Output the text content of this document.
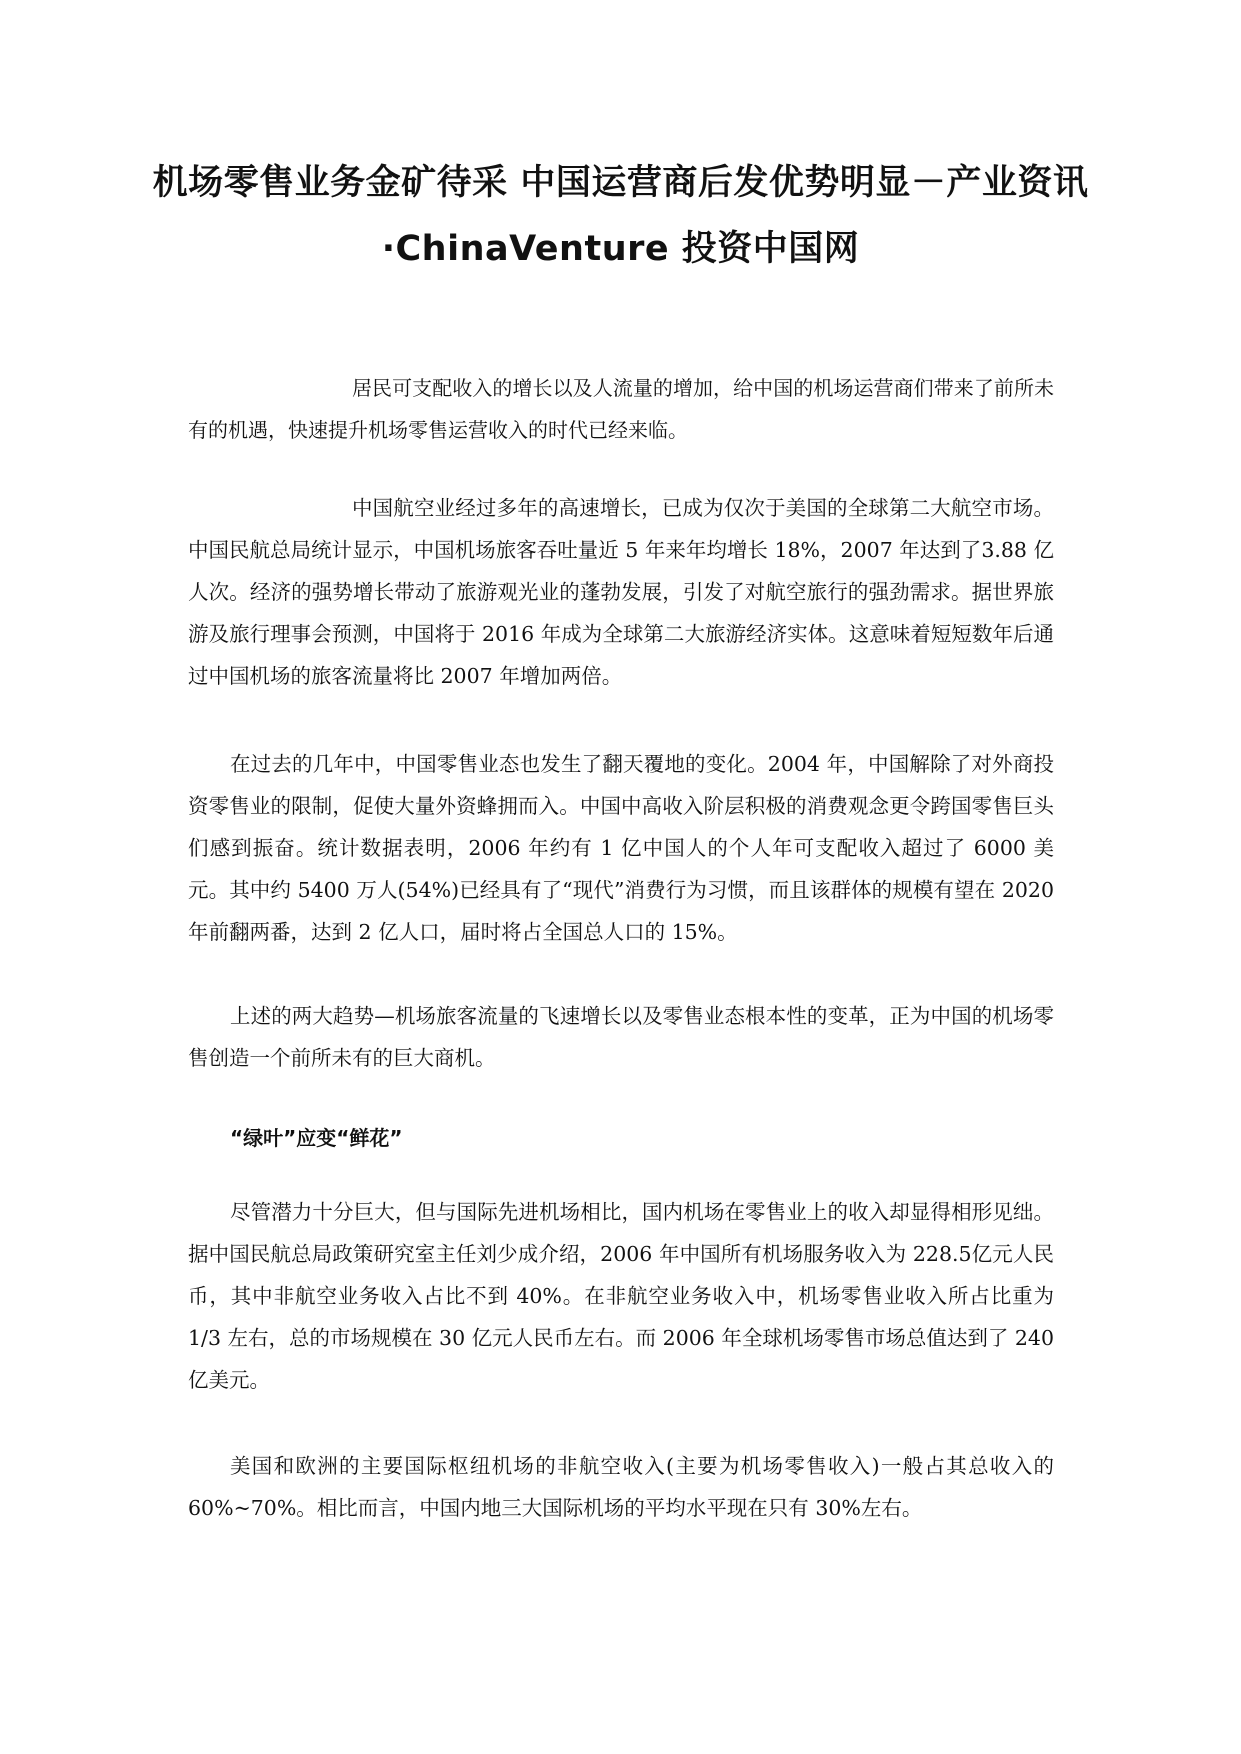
机场零售业务金矿待采 中国运营商后发优势明显－产业资讯·ChinaVenture 投资中国网

居民可支配收入的增长以及人流量的增加，给中国的机场运营商们带来了前所未有的机遇，快速提升机场零售运营收入的时代已经来临。

中国航空业经过多年的高速增长，已成为仅次于美国的全球第二大航空市场。中国民航总局统计显示，中国机场旅客吞吐量近 5 年来年均增长 18%，2007 年达到了3.88 亿人次。经济的强势增长带动了旅游观光业的蓬勃发展，引发了对航空旅行的强劲需求。据世界旅游及旅行理事会预测，中国将于 2016 年成为全球第二大旅游经济实体。这意味着短短数年后通过中国机场的旅客流量将比 2007 年增加两倍。

在过去的几年中，中国零售业态也发生了翻天覆地的变化。2004 年，中国解除了对外商投资零售业的限制，促使大量外资蜂拥而入。中国中高收入阶层积极的消费观念更令跨国零售巨头们感到振奋。统计数据表明，2006 年约有 1 亿中国人的个人年可支配收入超过了 6000 美元。其中约 5400 万人(54%)已经具有了“现代”消费行为习惯，而且该群体的规模有望在 2020 年前翻两番，达到 2 亿人口，届时将占全国总人口的 15%。

上述的两大趋势—机场旅客流量的飞速增长以及零售业态根本性的变革，正为中国的机场零售创造一个前所未有的巨大商机。

“绿叶”应变“鲜花”

尽管潜力十分巨大，但与国际先进机场相比，国内机场在零售业上的收入却显得相形见绌。据中国民航总局政策研究室主任刘少成介绍，2006 年中国所有机场服务收入为 228.5亿元人民币，其中非航空业务收入占比不到 40%。在非航空业务收入中，机场零售业收入所占比重为 1/3 左右，总的市场规模在 30 亿元人民币左右。而 2006 年全球机场零售市场总值达到了 240 亿美元。

美国和欧洲的主要国际枢纽机场的非航空收入(主要为机场零售收入)一般占其总收入的 60%~70%。相比而言，中国内地三大国际机场的平均水平现在只有 30%左右。
